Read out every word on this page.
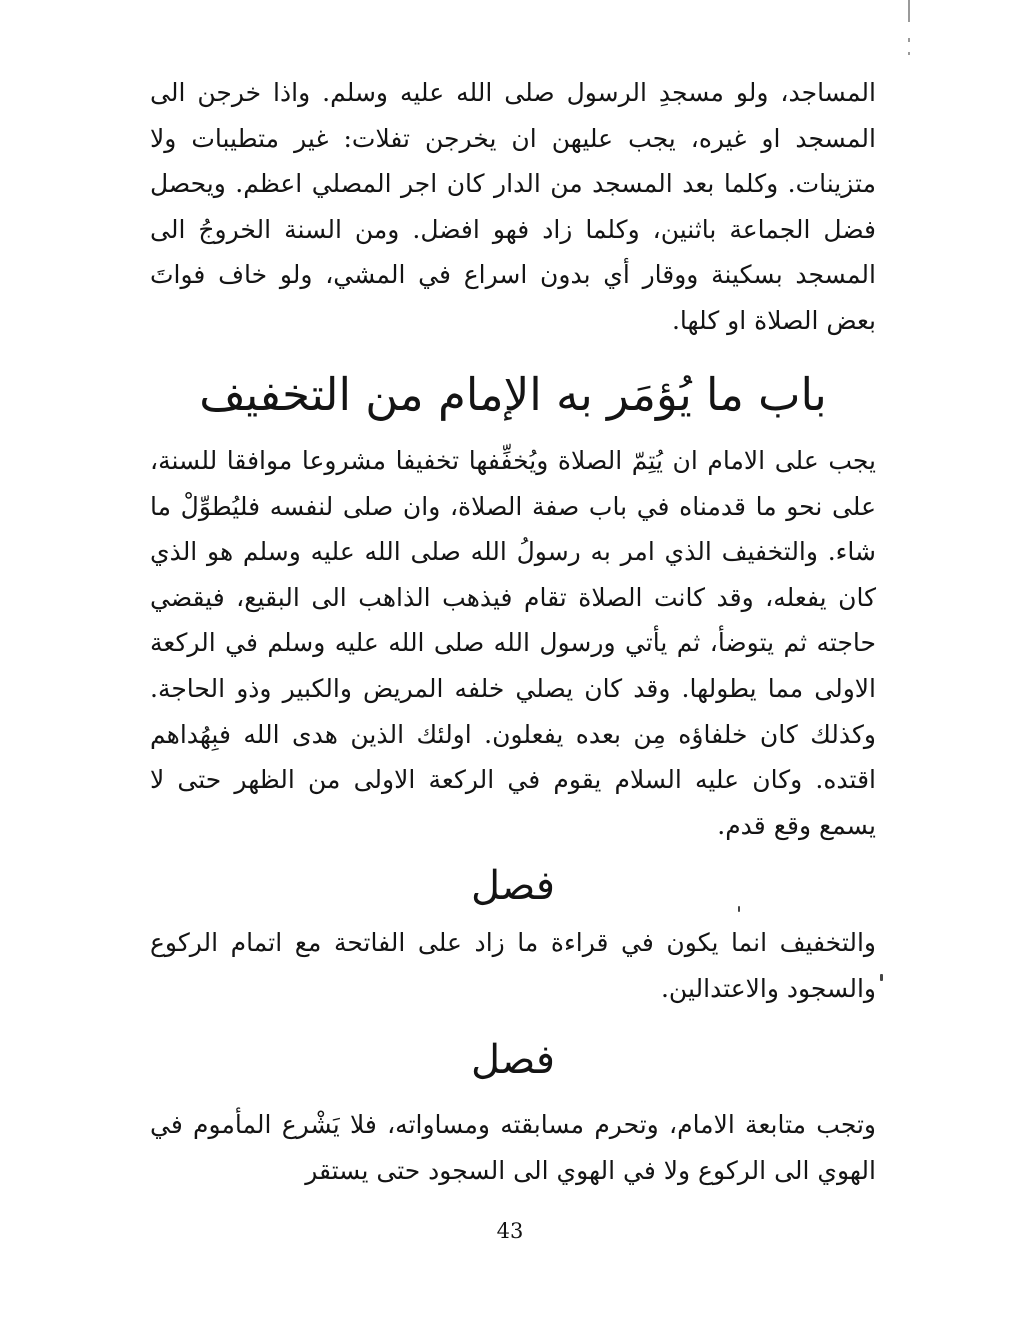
المساجد، ولو مسجدِ الرسول صلى الله عليه وسلم. واذا خرجن الى المسجد او غيره، يجب عليهن ان يخرجن تفلات: غير متطيبات ولا متزينات. وكلما بعد المسجد من الدار كان اجر المصلي اعظم. ويحصل فضل الجماعة باثنين، وكلما زاد فهو افضل. ومن السنة الخروجُ الى المسجد بسكينة ووقار أي بدون اسراع في المشي، ولو خاف فواتَ بعض الصلاة او كلها.

باب ما يُؤمَر به الإمام من التخفيف

يجب على الامام ان يُتِمّ الصلاة ويُخفِّفها تخفيفا مشروعا موافقا للسنة، على نحو ما قدمناه في باب صفة الصلاة، وان صلى لنفسه فليُطوِّلْ ما شاء. والتخفيف الذي امر به رسولُ الله صلى الله عليه وسلم هو الذي كان يفعله، وقد كانت الصلاة تقام فيذهب الذاهب الى البقيع، فيقضي حاجته ثم يتوضأ، ثم يأتي ورسول الله صلى الله عليه وسلم في الركعة الاولى مما يطولها. وقد كان يصلي خلفه المريض والكبير وذو الحاجة. وكذلك كان خلفاؤه مِن بعده يفعلون. اولئك الذين هدى الله فبِهُداهم اقتده. وكان عليه السلام يقوم في الركعة الاولى من الظهر حتى لا يسمع وقع قدم.

فصل

والتخفيف انما يكون في قراءة ما زاد على الفاتحة مع اتمام الركوع والسجود والاعتدالين.

فصل

وتجب متابعة الامام، وتحرم مسابقته ومساواته، فلا يَشْرع المأموم في الهوي الى الركوع ولا في الهوي الى السجود حتى يستقر

43
